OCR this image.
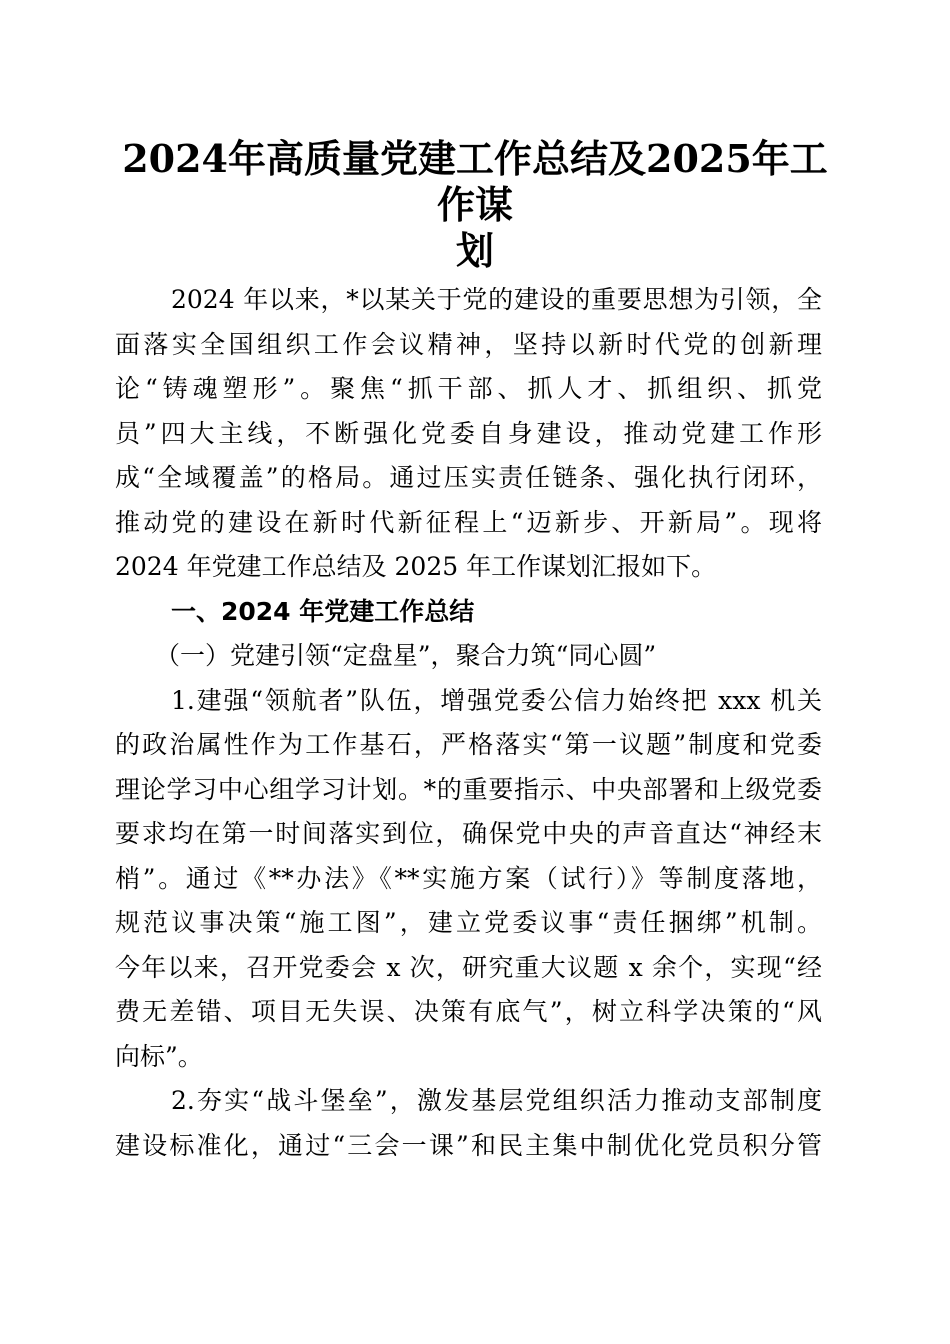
2024年高质量党建工作总结及2025年工作谋
划
2024 年以来，*以某关于党的建设的重要思想为引领，全
面落实全国组织工作会议精神，坚持以新时代党的创新理
论“铸魂塑形”。聚焦“抓干部、抓人才、抓组织、抓党
员”四大主线，不断强化党委自身建设，推动党建工作形
成“全域覆盖”的格局。通过压实责任链条、强化执行闭环，
推动党的建设在新时代新征程上“迈新步、开新局”。现将
2024 年党建工作总结及 2025 年工作谋划汇报如下。
一、2024 年党建工作总结
（一）党建引领“定盘星”，聚合力筑“同心圆”
1.建强“领航者”队伍，增强党委公信力始终把 xxx 机关
的政治属性作为工作基石，严格落实“第一议题”制度和党委
理论学习中心组学习计划。*的重要指示、中央部署和上级党委
要求均在第一时间落实到位，确保党中央的声音直达“神经末
梢”。通过《**办法》《**实施方案（试行）》等制度落地，
规范议事决策“施工图”，建立党委议事“责任捆绑”机制。
今年以来，召开党委会 x 次，研究重大议题 x 余个，实现“经
费无差错、项目无失误、决策有底气”，树立科学决策的“风
向标”。
2.夯实“战斗堡垒”，激发基层党组织活力推动支部制度
建设标准化，通过“三会一课”和民主集中制优化党员积分管
